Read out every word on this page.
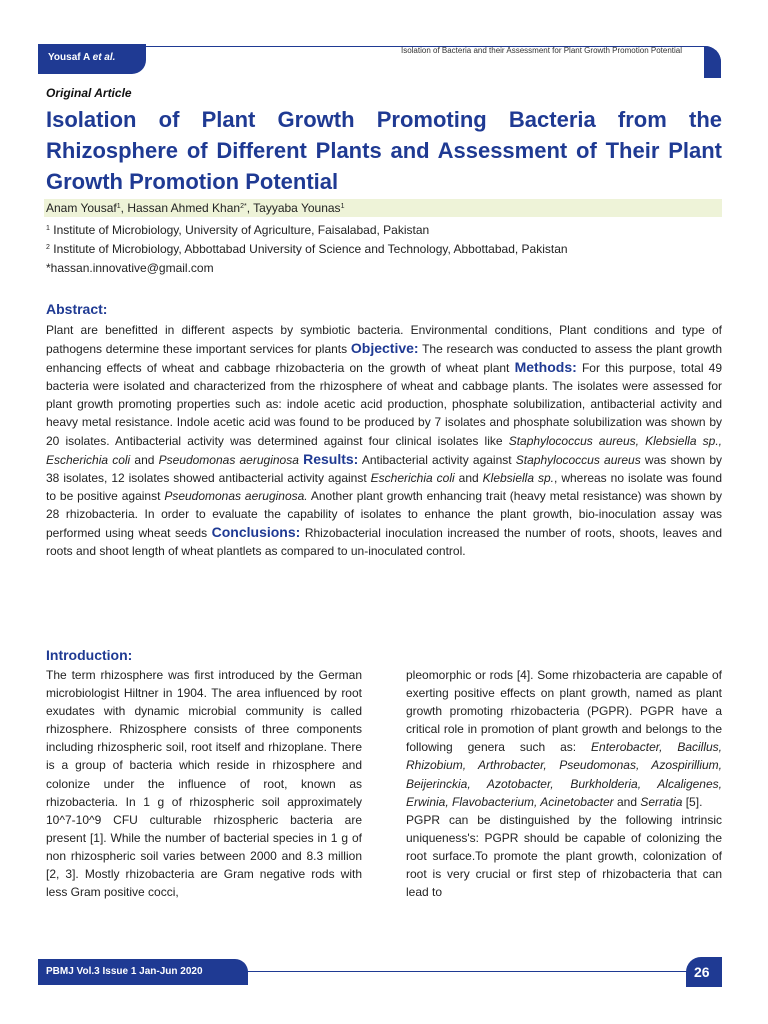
Yousaf A et al.
Isolation of Bacteria and their Assessment for Plant Growth Promotion Potential
Original Article
Isolation of Plant Growth Promoting Bacteria from the Rhizosphere of Different Plants and Assessment of Their Plant Growth Promotion Potential
Anam Yousaf$^1$, Hassan Ahmed Khan$^{2*}$, Tayyaba Younas$^1$
$^1$ Institute of Microbiology, University of Agriculture, Faisalabad, Pakistan
$^2$ Institute of Microbiology, Abbottabad University of Science and Technology, Abbottabad, Pakistan
*hassan.innovative@gmail.com
Abstract:
Plant are benefitted in different aspects by symbiotic bacteria. Environmental conditions, Plant conditions and type of pathogens determine these important services for plants Objective: The research was conducted to assess the plant growth enhancing effects of wheat and cabbage rhizobacteria on the growth of wheat plant Methods: For this purpose, total 49 bacteria were isolated and characterized from the rhizosphere of wheat and cabbage plants. The isolates were assessed for plant growth promoting properties such as: indole acetic acid production, phosphate solubilization, antibacterial activity and heavy metal resistance. Indole acetic acid was found to be produced by 7 isolates and phosphate solubilization was shown by 20 isolates. Antibacterial activity was determined against four clinical isolates like Staphylococcus aureus, Klebsiella sp., Escherichia coli and Pseudomonas aeruginosa Results: Antibacterial activity against Staphylococcus aureus was shown by 38 isolates, 12 isolates showed antibacterial activity against Escherichia coli and Klebsiella sp., whereas no isolate was found to be positive against Pseudomonas aeruginosa. Another plant growth enhancing trait (heavy metal resistance) was shown by 28 rhizobacteria. In order to evaluate the capability of isolates to enhance the plant growth, bio-inoculation assay was performed using wheat seeds Conclusions: Rhizobacterial inoculation increased the number of roots, shoots, leaves and roots and shoot length of wheat plantlets as compared to un-inoculated control.
Introduction:
The term rhizosphere was first introduced by the German microbiologist Hiltner in 1904. The area influenced by root exudates with dynamic microbial community is called rhizosphere. Rhizosphere consists of three components including rhizospheric soil, root itself and rhizoplane. There is a group of bacteria which reside in rhizosphere and colonize under the influence of root, known as rhizobacteria. In 1 g of rhizospheric soil approximately 10^7-10^9 CFU culturable rhizospheric bacteria are present [1]. While the number of bacterial species in 1 g of non rhizospheric soil varies between 2000 and 8.3 million [2, 3]. Mostly rhizobacteria are Gram negative rods with less Gram positive cocci,
pleomorphic or rods [4]. Some rhizobacteria are capable of exerting positive effects on plant growth, named as plant growth promoting rhizobacteria (PGPR). PGPR have a critical role in promotion of plant growth and belongs to the following genera such as: Enterobacter, Bacillus, Rhizobium, Arthrobacter, Pseudomonas, Azospirillium, Beijerinckia, Azotobacter, Burkholderia, Alcaligenes, Erwinia, Flavobacterium, Acinetobacter and Serratia [5].
PGPR can be distinguished by the following intrinsic uniqueness's: PGPR should be capable of colonizing the root surface.To promote the plant growth, colonization of root is very crucial or first step of rhizobacteria that can lead to
PBMJ Vol.3 Issue 1 Jan-Jun 2020	26
